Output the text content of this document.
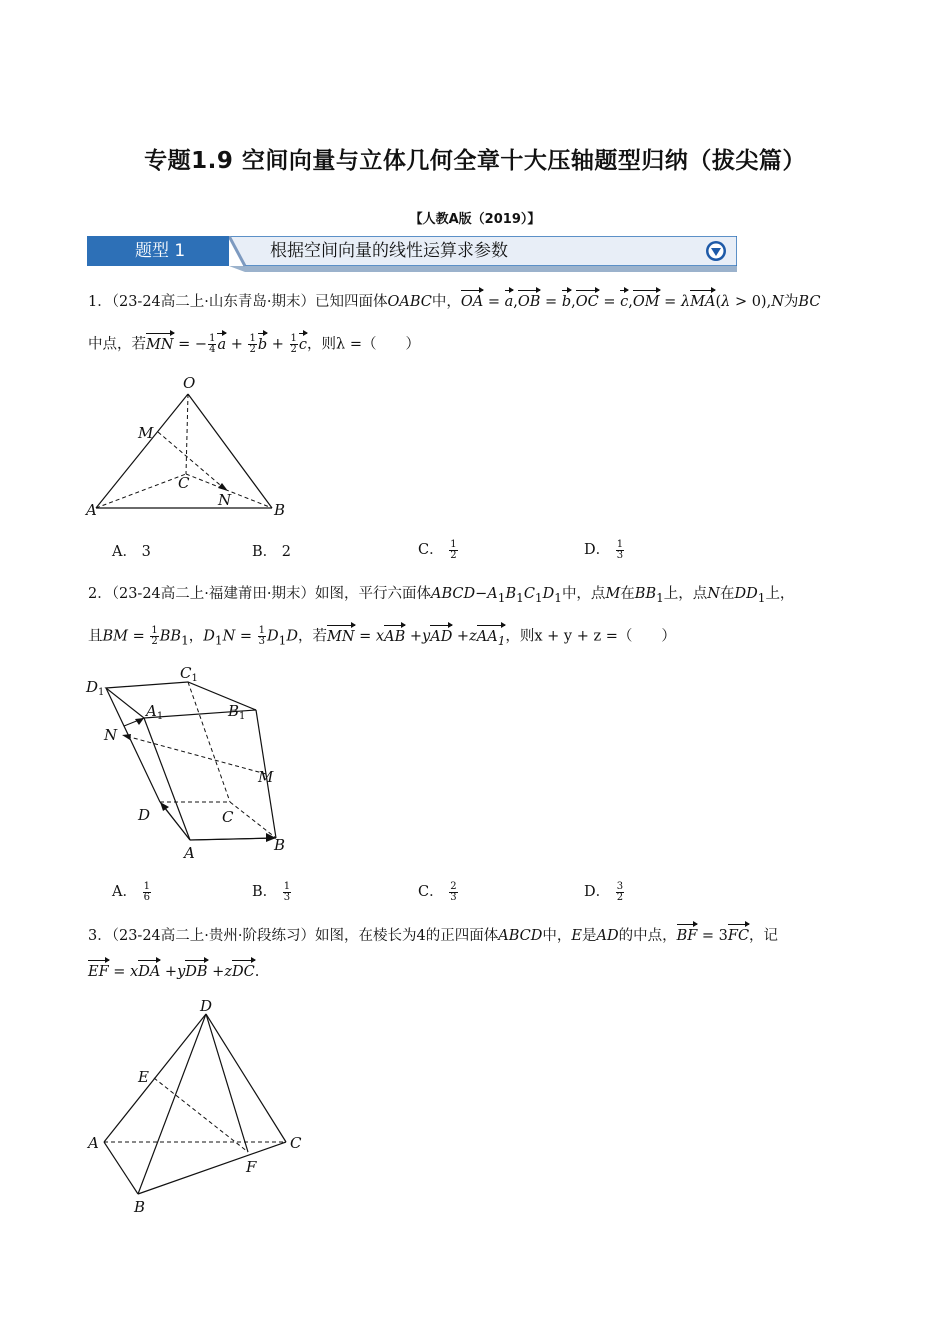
专题1.9 空间向量与立体几何全章十大压轴题型归纳（拔尖篇）
【人教A版（2019）】
题型 1	根据空间向量的线性运算求参数
1．（23-24高二上·山东青岛·期末）已知四面体OABC中，OA = a,OB = b,OC = c,OM = λMA(λ > 0),N为BC
中点，若MN = − $\frac{1}{4}$ $a + \frac{1}{2}$ $b + \frac{1}{2}$ c，则λ =（　　）
O
M
C
N
A	B
A． 3	B． 2	C． $\frac{1}{2}$	D． $\frac{1}{3}$
2．（23-24高二上·福建莆田·期末）如图，平行六面体$ABCD-A_1B_1C_1D_1$中，点M在$BB_1$上，点N在$DD_1$上，
且BM = $\frac{1}{2} BB_1$，$D_1N = \frac{1}{3} D_1D$，若MN = xAB +yAD +zAA$_1$，则x + y + z =（　　）
$D_1$
$C_1$
$A_1$	$B_1$
N
M
D	C
A	B
A． $\frac{1}{6}$	B． $\frac{1}{3}$	C． $\frac{2}{3}$	D． $\frac{3}{2}$
3．（23-24高二上·贵州·阶段练习）如图，在棱长为4的正四面体ABCD中，E是AD的中点，BF = 3FC，记
EF = xDA +yDB +zDC.
D
E
A	C
F
B
